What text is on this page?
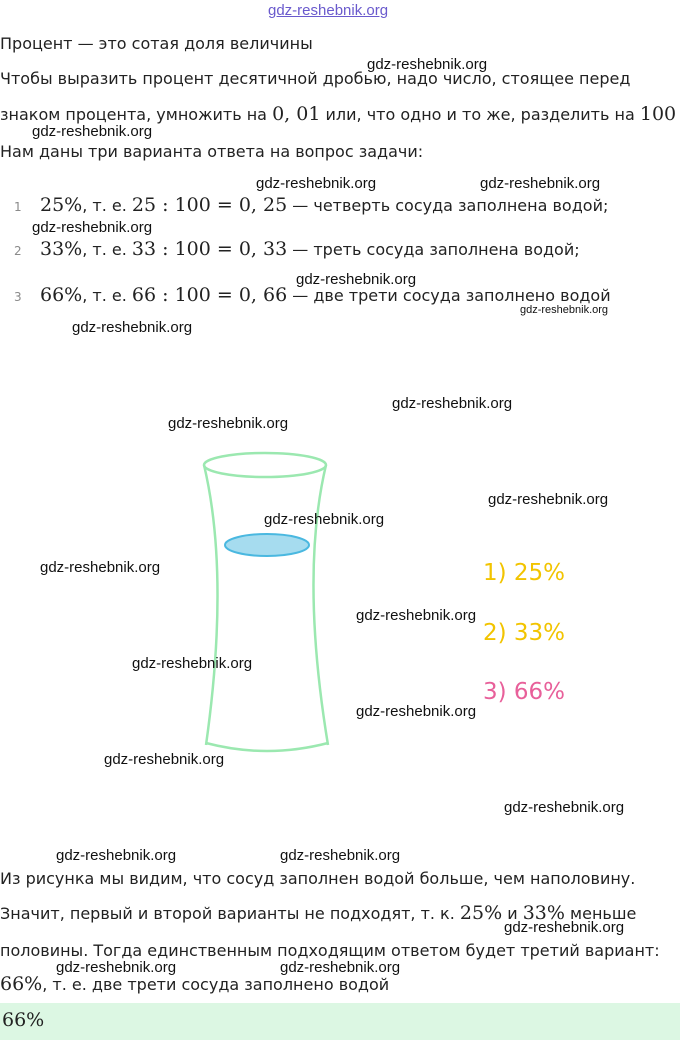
gdz-reshebnik.org
Процент — это сотая доля величины
Чтобы выразить процент десятичной дробью, надо число, стоящее перед
знаком процента, умножить на 0, 01 или, что одно и то же, разделить на 100
Нам даны три варианта ответа на вопрос задачи:
1 25%, т. е. 25 : 100 = 0, 25 — четверть сосуда заполнена водой;
2 33%, т. е. 33 : 100 = 0, 33 — треть сосуда заполнена водой;
3 66%, т. е. 66 : 100 = 0, 66 — две трети сосуда заполнено водой
1) 25%
2) 33%
3) 66%
Из рисунка мы видим, что сосуд заполнен водой больше, чем наполовину.
Значит, первый и второй варианты не подходят, т. к. 25% и 33% меньше
половины. Тогда единственным подходящим ответом будет третий вариант:
66%, т. е. две трети сосуда заполнено водой
66%
gdz-reshebnik.org
gdz-reshebnik.org
gdz-reshebnik.org	gdz-reshebnik.org
gdz-reshebnik.org
gdz-reshebnik.org
gdz-reshebnik.org
gdz-reshebnik.org
gdz-reshebnik.org
gdz-reshebnik.org
gdz-reshebnik.org
gdz-reshebnik.org
gdz-reshebnik.org
gdz-reshebnik.org
gdz-reshebnik.org
gdz-reshebnik.org
gdz-reshebnik.org
gdz-reshebnik.org
gdz-reshebnik.org	gdz-reshebnik.org
gdz-reshebnik.org
gdz-reshebnik.org	gdz-reshebnik.org
